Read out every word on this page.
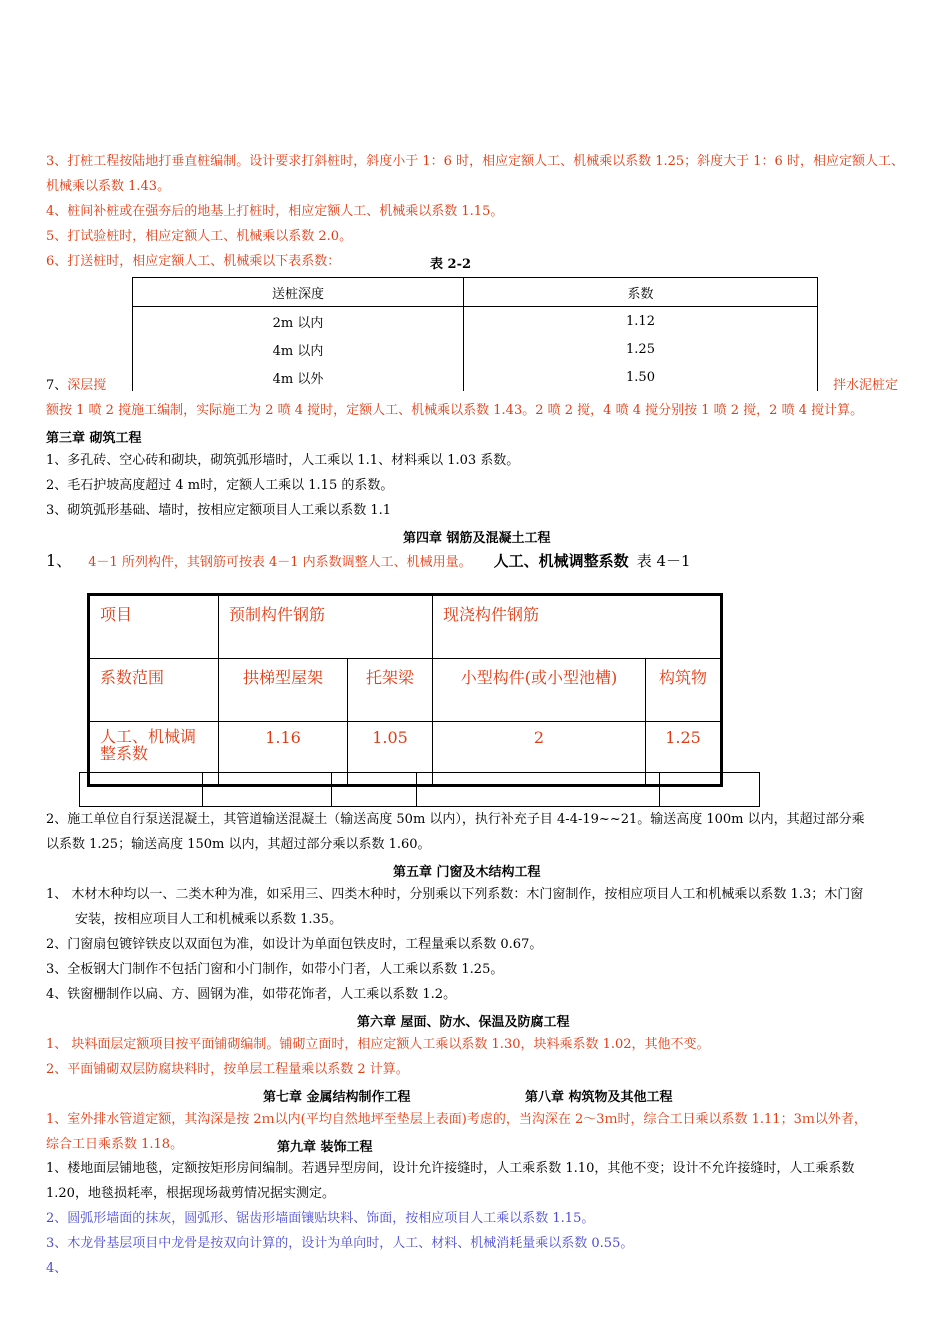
3、打桩工程按陆地打垂直桩编制。设计要求打斜桩时，斜度小于 1：6 时，相应定额人工、机械乘以系数 1.25；斜度大于 1：6 时，相应定额人工、
机械乘以系数 1.43。
4、桩间补桩或在强夯后的地基上打桩时，相应定额人工、机械乘以系数 1.15。
5、打试验桩时，相应定额人工、机械乘以系数 2.0。
6、打送桩时，相应定额人工、机械乘以下表系数：	表 2-2
送桩深度	系数
2m 以内	1.12
4m 以内	1.25
4m 以外	1.50
7、深层搅	拌水泥桩定
额按 1 喷 2 搅施工编制，实际施工为 2 喷 4 搅时，定额人工、机械乘以系数 1.43。2 喷 2 搅，4 喷 4 搅分别按 1 喷 2 搅，2 喷 4 搅计算。
第三章 砌筑工程
1、多孔砖、空心砖和砌块，砌筑弧形墙时，人工乘以 1.1、材料乘以 1.03 系数。
2、毛石护坡高度超过 4 m时，定额人工乘以 1.15 的系数。
3、砌筑弧形基础、墙时，按相应定额项目人工乘以系数 1.1
第四章 钢筋及混凝土工程
1、 4－1 所列构件，其钢筋可按表 4－1 内系数调整人工、机械用量。 人工、机械调整系数 表 4－1
项目	预制构件钢筋		现浇构件钢筋	
系数范围	拱梯型屋架	托架梁	小型构件(或小型池槽)	构筑物
人工、机械调整系数	1.16	1.05	2	1.25

2、施工单位自行泵送混凝土，其管道输送混凝土（输送高度 50m 以内），执行补充子目 4-4-19~~21。输送高度 100m 以内，其超过部分乘
以系数 1.25；输送高度 150m 以内，其超过部分乘以系数 1.60。
第五章 门窗及木结构工程
1、 木材木种均以一、二类木种为准，如采用三、四类木种时，分别乘以下列系数：木门窗制作，按相应项目人工和机械乘以系数 1.3；木门窗
安装，按相应项目人工和机械乘以系数 1.35。
2、门窗扇包镀锌铁皮以双面包为准，如设计为单面包铁皮时，工程量乘以系数 0.67。
3、全板钢大门制作不包括门窗和小门制作，如带小门者，人工乘以系数 1.25。
4、铁窗栅制作以扁、方、圆钢为准，如带花饰者，人工乘以系数 1.2。
第六章 屋面、防水、保温及防腐工程
1、 块料面层定额项目按平面铺砌编制。铺砌立面时，相应定额人工乘以系数 1.30，块料乘系数 1.02，其他不变。
2、平面铺砌双层防腐块料时，按单层工程量乘以系数 2 计算。
第七章 金属结构制作工程	第八章 构筑物及其他工程
1、室外排水管道定额，其沟深是按 2ｍ以内(平均自然地坪至垫层上表面)考虑的，当沟深在 2～3ｍ时，综合工日乘以系数 1.11；3ｍ以外者，
综合工日乘系数 1.18。	第九章 装饰工程
1、楼地面层铺地毯，定额按矩形房间编制。若遇异型房间，设计允许接缝时，人工乘系数 1.10，其他不变；设计不允许接缝时，人工乘系数
1.20，地毯损耗率，根据现场裁剪情况据实测定。
2、圆弧形墙面的抹灰，圆弧形、锯齿形墙面镶贴块料、饰面，按相应项目人工乘以系数 1.15。
3、木龙骨基层项目中龙骨是按双向计算的，设计为单向时，人工、材料、机械消耗量乘以系数 0.55。
4、
